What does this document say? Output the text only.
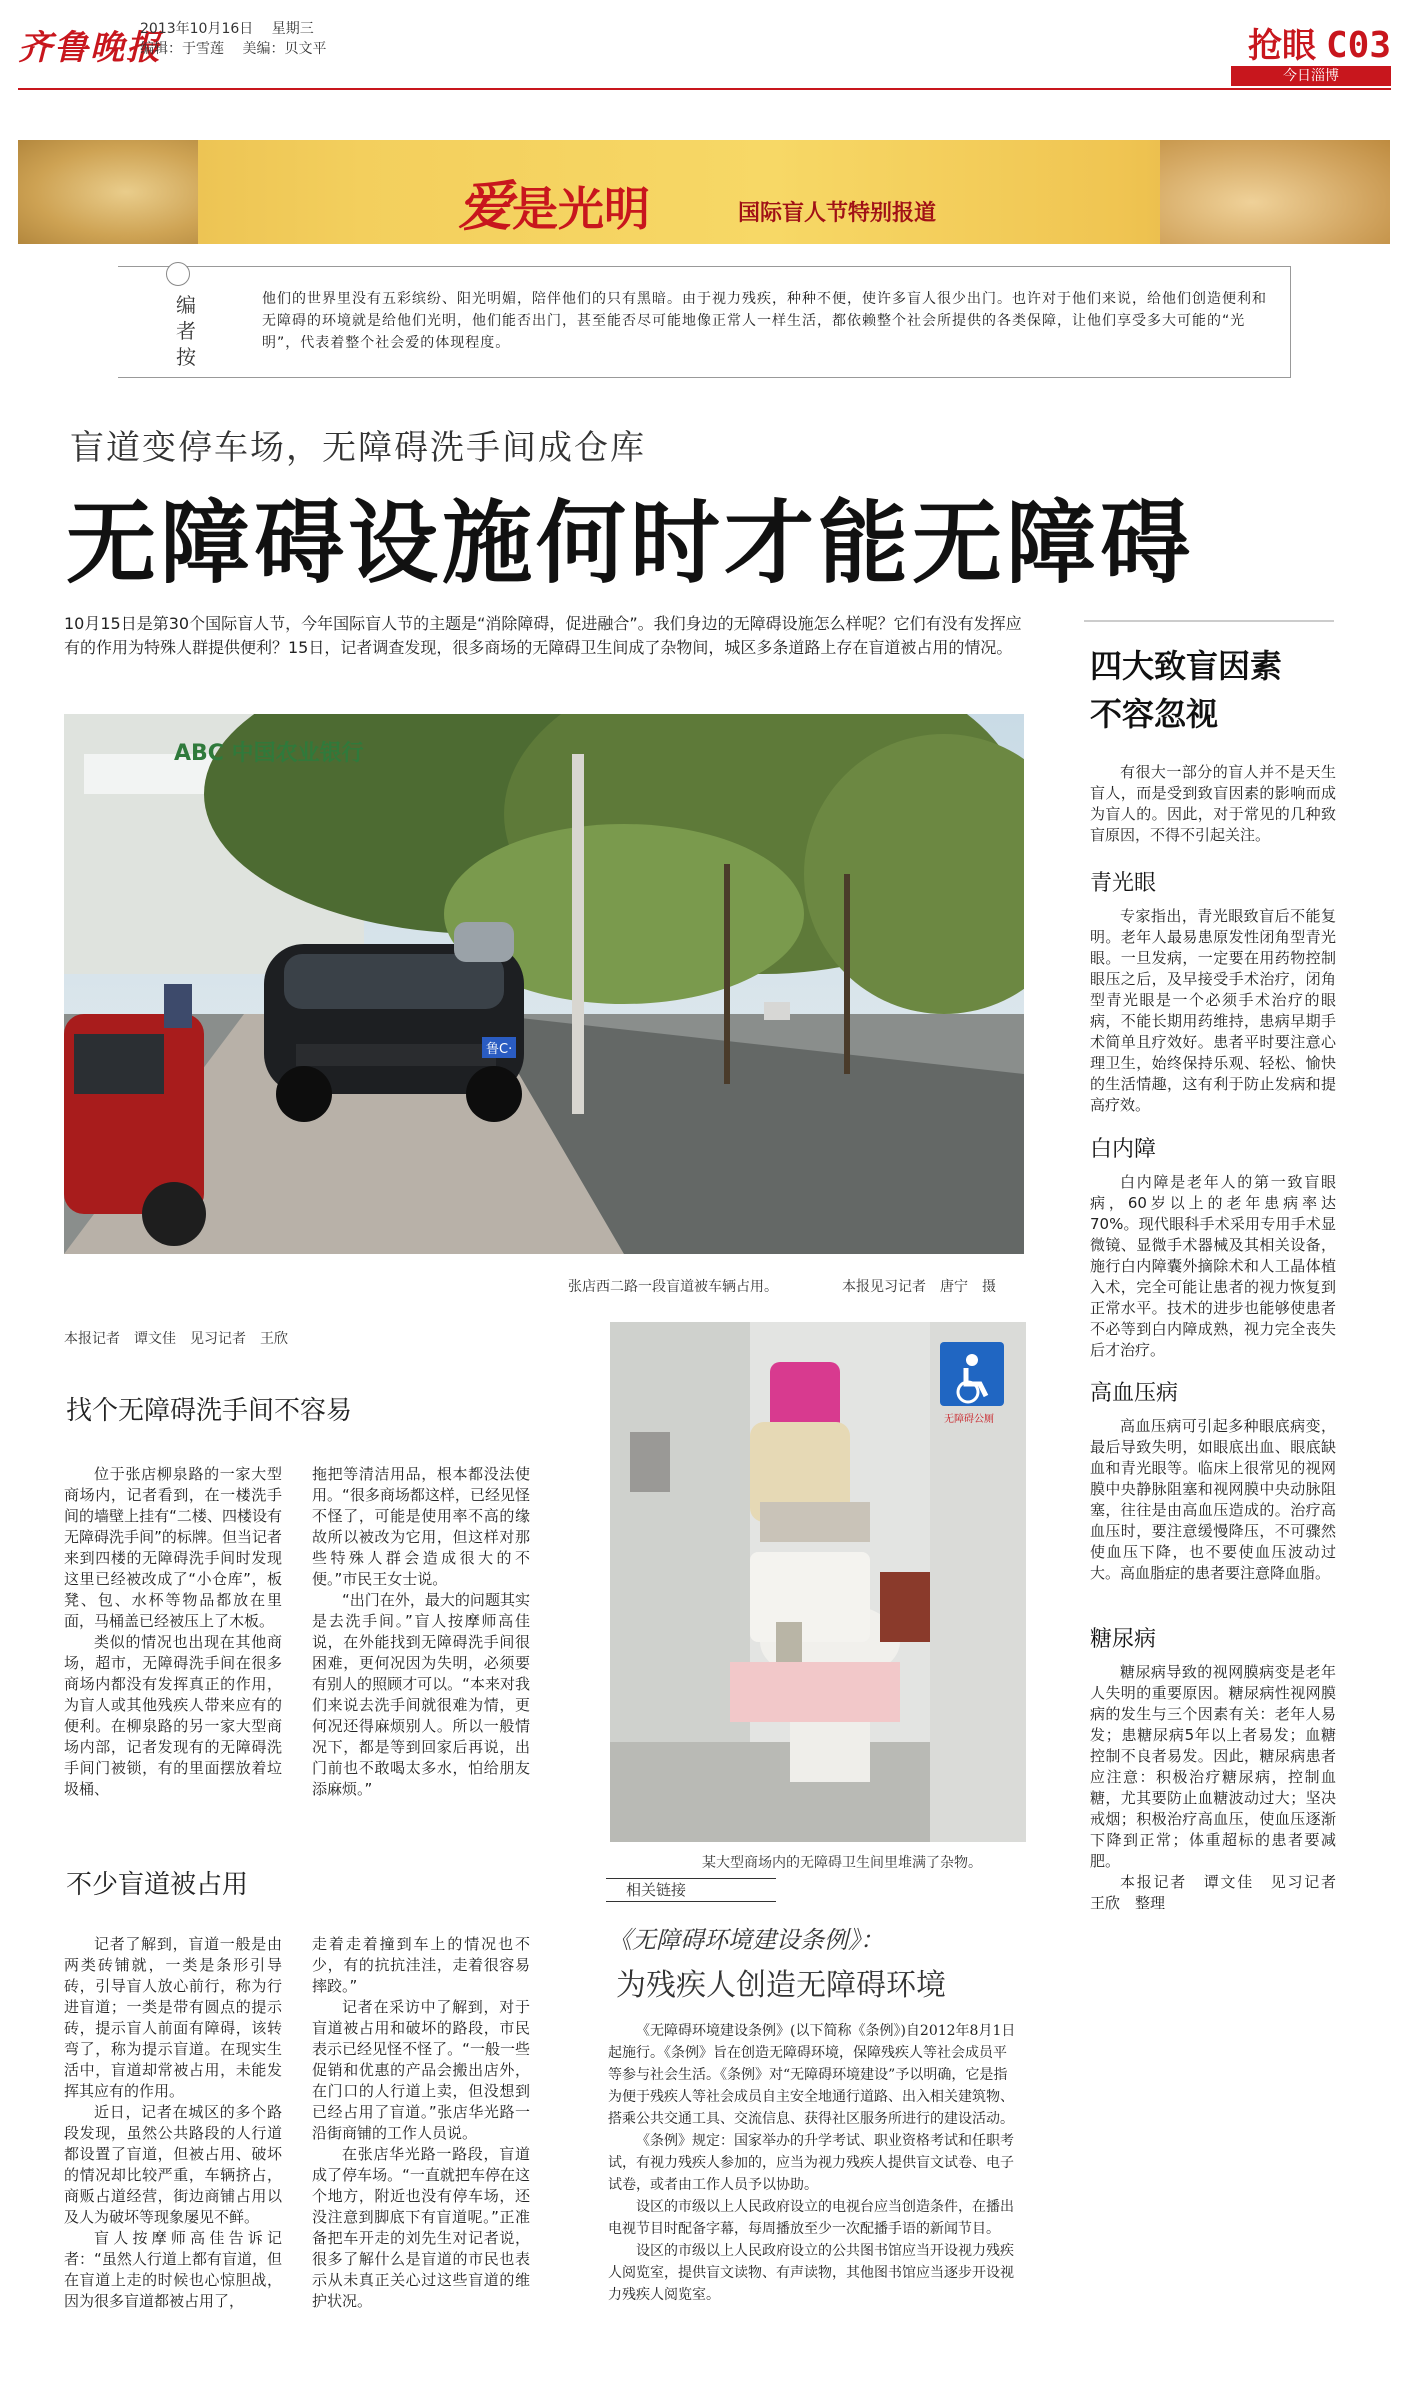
齐鲁晚报
2013年10月16日　 星期三
编辑：于雪莲　 美编：贝文平	抢眼 C03
今日淄博
爱是光明	国际盲人节特别报道
编者按
他们的世界里没有五彩缤纷、阳光明媚，陪伴他们的只有黑暗。由于视力残疾，种种不便，使许多盲人很少出门。也许对于他们来说，给他们创造便利和无障碍的环境就是给他们光明，他们能否出门，甚至能否尽可能地像正常人一样生活，都依赖整个社会所提供的各类保障，让他们享受多大可能的“光明”，代表着整个社会爱的体现程度。
盲道变停车场，无障碍洗手间成仓库
无障碍设施何时才能无障碍
10月15日是第30个国际盲人节，今年国际盲人节的主题是“消除障碍，促进融合”。我们身边的无障碍设施怎么样呢？它们有没有发挥应有的作用为特殊人群提供便利？15日，记者调查发现，很多商场的无障碍卫生间成了杂物间，城区多条道路上存在盲道被占用的情况。
ABC 中国农业银行
鲁C·
张店西二路一段盲道被车辆占用。	本报见习记者　唐宁　摄
本报记者　谭文佳　见习记者　王欣
找个无障碍洗手间不容易

位于张店柳泉路的一家大型商场内，记者看到，在一楼洗手间的墙壁上挂有“二楼、四楼设有无障碍洗手间”的标牌。但当记者来到四楼的无障碍洗手间时发现这里已经被改成了“小仓库”，板凳、包、水杯等物品都放在里面，马桶盖已经被压上了木板。

类似的情况也出现在其他商场，超市，无障碍洗手间在很多商场内都没有发挥真正的作用，为盲人或其他残疾人带来应有的便利。在柳泉路的另一家大型商场内部，记者发现有的无障碍洗手间门被锁，有的里面摆放着垃圾桶、

拖把等清洁用品，根本都没法使用。“很多商场都这样，已经见怪不怪了，可能是使用率不高的缘故所以被改为它用，但这样对那些特殊人群会造成很大的不便。”市民王女士说。

“出门在外，最大的问题其实是去洗手间。”盲人按摩师高佳说，在外能找到无障碍洗手间很困难，更何况因为失明，必须要有别人的照顾才可以。“本来对我们来说去洗手间就很难为情，更何况还得麻烦别人。所以一般情况下，都是等到回家后再说，出门前也不敢喝太多水，怕给朋友添麻烦。”

不少盲道被占用

记者了解到，盲道一般是由两类砖铺就，一类是条形引导砖，引导盲人放心前行，称为行进盲道；一类是带有圆点的提示砖，提示盲人前面有障碍，该转弯了，称为提示盲道。在现实生活中，盲道却常被占用，未能发挥其应有的作用。

近日，记者在城区的多个路段发现，虽然公共路段的人行道都设置了盲道，但被占用、破坏的情况却比较严重，车辆挤占，商贩占道经营，街边商铺占用以及人为破坏等现象屡见不鲜。

盲人按摩师高佳告诉记者：“虽然人行道上都有盲道，但在盲道上走的时候也心惊胆战，因为很多盲道都被占用了，

走着走着撞到车上的情况也不少，有的抗抗洼洼，走着很容易摔跤。”

记者在采访中了解到，对于盲道被占用和破坏的路段，市民表示已经见怪不怪了。“一般一些促销和优惠的产品会搬出店外，在门口的人行道上卖，但没想到已经占用了盲道。”张店华光路一沿街商铺的工作人员说。

在张店华光路一路段，盲道成了停车场。“一直就把车停在这个地方，附近也没有停车场，还没注意到脚底下有盲道呢。”正准备把车开走的刘先生对记者说，很多了解什么是盲道的市民也表示从未真正关心过这些盲道的维护状况。

无障碍公厕
某大型商场内的无障碍卫生间里堆满了杂物。
相关链接
《无障碍环境建设条例》：
为残疾人创造无障碍环境

《无障碍环境建设条例》(以下简称《条例》)自2012年8月1日起施行。《条例》旨在创造无障碍环境，保障残疾人等社会成员平等参与社会生活。《条例》对“无障碍环境建设”予以明确，它是指为便于残疾人等社会成员自主安全地通行道路、出入相关建筑物、搭乘公共交通工具、交流信息、获得社区服务所进行的建设活动。

《条例》规定：国家举办的升学考试、职业资格考试和任职考试，有视力残疾人参加的，应当为视力残疾人提供盲文试卷、电子试卷，或者由工作人员予以协助。

设区的市级以上人民政府设立的电视台应当创造条件，在播出电视节目时配备字幕，每周播放至少一次配播手语的新闻节目。

设区的市级以上人民政府设立的公共图书馆应当开设视力残疾人阅览室，提供盲文读物、有声读物，其他图书馆应当逐步开设视力残疾人阅览室。

四大致盲因素
不容忽视

有很大一部分的盲人并不是天生盲人，而是受到致盲因素的影响而成为盲人的。因此，对于常见的几种致盲原因，不得不引起关注。

青光眼

专家指出，青光眼致盲后不能复明。老年人最易患原发性闭角型青光眼。一旦发病，一定要在用药物控制眼压之后，及早接受手术治疗，闭角型青光眼是一个必须手术治疗的眼病，不能长期用药维持，患病早期手术简单且疗效好。患者平时要注意心理卫生，始终保持乐观、轻松、愉快的生活情趣，这有利于防止发病和提高疗效。

白内障

白内障是老年人的第一致盲眼病，60岁以上的老年患病率达70%。现代眼科手术采用专用手术显微镜、显微手术器械及其相关设备，施行白内障囊外摘除术和人工晶体植入术，完全可能让患者的视力恢复到正常水平。技术的进步也能够使患者不必等到白内障成熟，视力完全丧失后才治疗。

高血压病

高血压病可引起多种眼底病变，最后导致失明，如眼底出血、眼底缺血和青光眼等。临床上很常见的视网膜中央静脉阻塞和视网膜中央动脉阻塞，往往是由高血压造成的。治疗高血压时，要注意缓慢降压，不可骤然使血压下降，也不要使血压波动过大。高血脂症的患者要注意降血脂。

糖尿病

糖尿病导致的视网膜病变是老年人失明的重要原因。糖尿病性视网膜病的发生与三个因素有关：老年人易发；患糖尿病5年以上者易发；血糖控制不良者易发。因此，糖尿病患者应注意：积极治疗糖尿病，控制血糖，尤其要防止血糖波动过大；坚决戒烟；积极治疗高血压，使血压逐渐下降到正常；体重超标的患者要减肥。

本报记者　谭文佳　见习记者　王欣　整理
